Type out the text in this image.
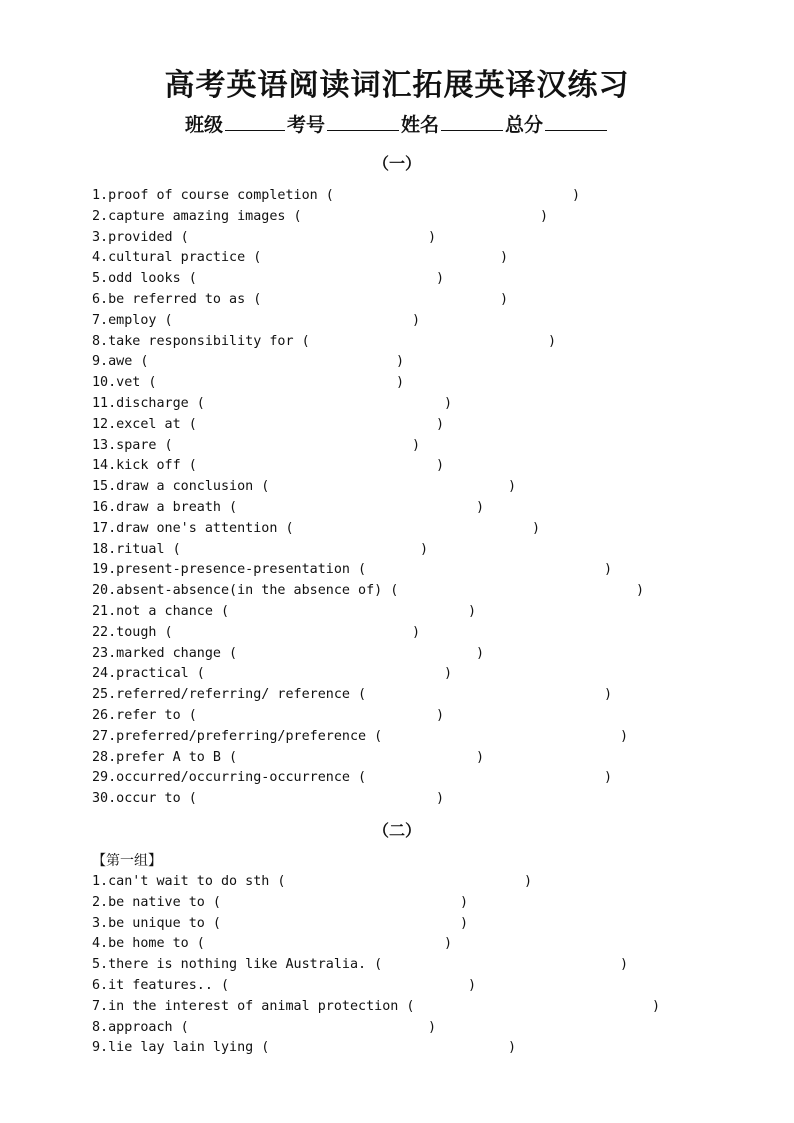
高考英语阅读词汇拓展英译汉练习
班级	考号	姓名	总分
（一）
1.proof of course completion (	)
2.capture amazing images (	)
3.provided (	)
4.cultural practice (	)
5.odd looks (	)
6.be referred to as (	)
7.employ (	)
8.take responsibility for (	)
9.awe (	)
10.vet (	)
11.discharge (	)
12.excel at (	)
13.spare (	)
14.kick off (	)
15.draw a conclusion (	)
16.draw a breath (	)
17.draw one's attention (	)
18.ritual (	)
19.present-presence-presentation (	)
20.absent-absence(in the absence of) (	)
21.not a chance (	)
22.tough (	)
23.marked change (	)
24.practical (	)
25.referred/referring/ reference (	)
26.refer to (	)
27.preferred/preferring/preference (	)
28.prefer A to B (	)
29.occurred/occurring-occurrence (	)
30.occur to (	)
（二）
【第一组】
1.can't wait to do sth (	)
2.be native to (	)
3.be unique to (	)
4.be home to (	)
5.there is nothing like Australia. (	)
6.it features.. (	)
7.in the interest of animal protection (	)
8.approach (	)
9.lie lay lain lying (	)
